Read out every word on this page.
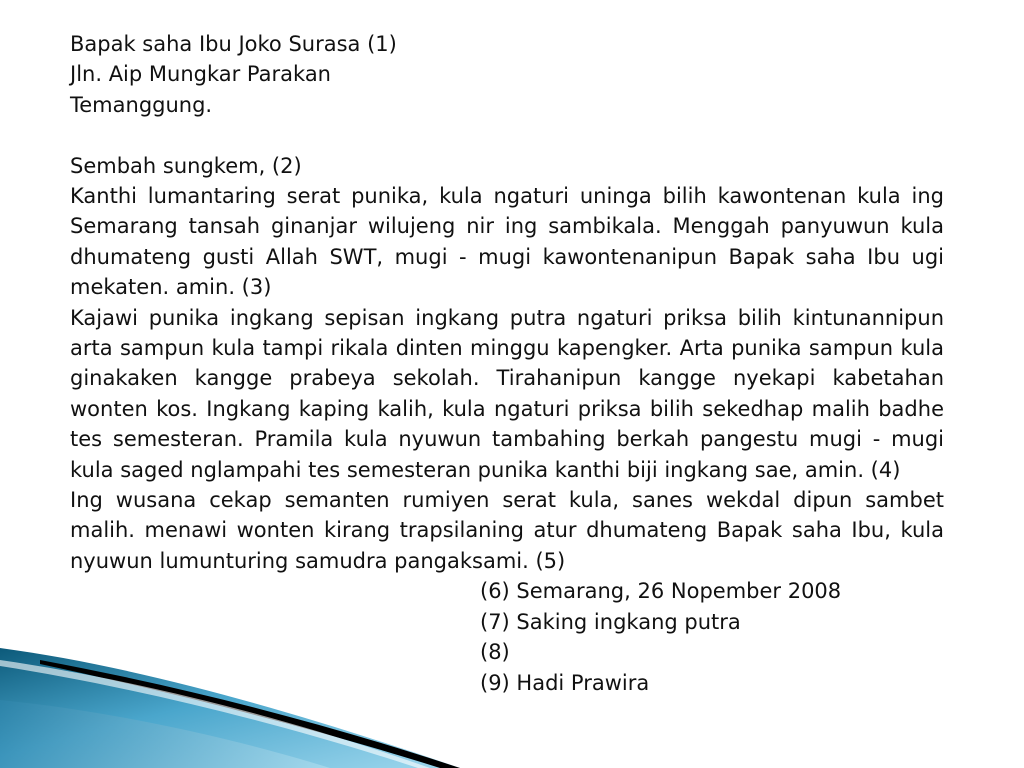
Bapak saha Ibu Joko Surasa (1)
Jln. Aip Mungkar Parakan
Temanggung.
Sembah sungkem, (2)
Kanthi lumantaring serat punika, kula ngaturi uninga bilih kawontenan kula ing Semarang tansah ginanjar wilujeng nir ing sambikala. Menggah panyuwun kula dhumateng gusti Allah SWT, mugi - mugi kawontenanipun Bapak saha Ibu ugi mekaten. amin. (3)
Kajawi punika ingkang sepisan ingkang putra ngaturi priksa bilih kintunannipun arta sampun kula tampi rikala dinten minggu kapengker. Arta punika sampun kula ginakaken kangge prabeya sekolah. Tirahanipun kangge nyekapi kabetahan wonten kos. Ingkang kaping kalih, kula ngaturi priksa bilih sekedhap malih badhe tes semesteran. Pramila kula nyuwun tambahing berkah pangestu mugi - mugi kula saged nglampahi tes semesteran punika kanthi biji ingkang sae, amin. (4)
Ing wusana cekap semanten rumiyen serat kula, sanes wekdal dipun sambet malih. menawi wonten kirang trapsilaning atur dhumateng Bapak saha Ibu, kula nyuwun lumunturing samudra pangaksami. (5)
(6) Semarang, 26 Nopember 2008
(7) Saking ingkang putra
(8)
(9) Hadi Prawira
